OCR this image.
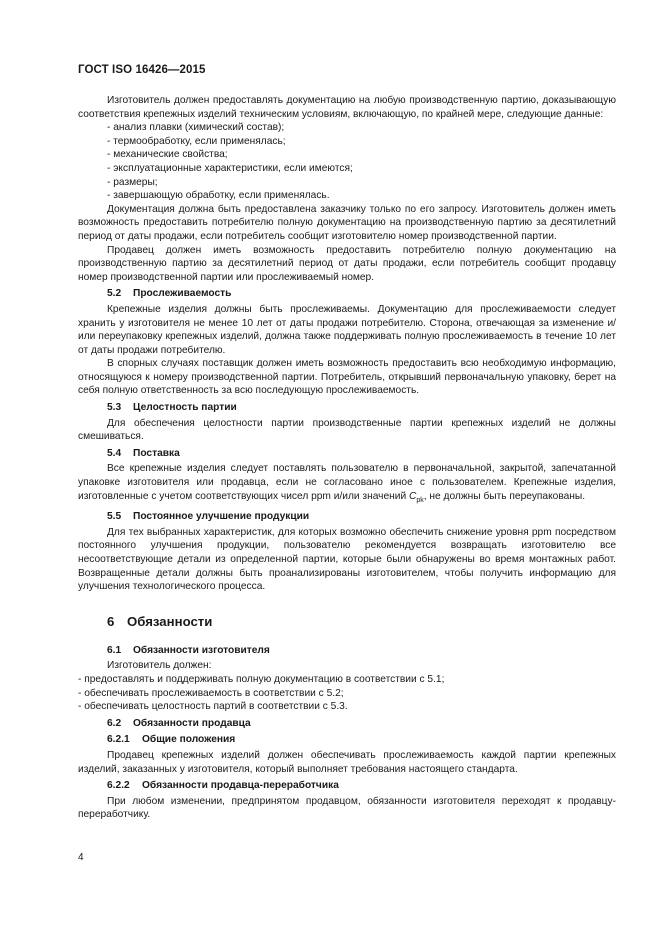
ГОСТ ISO 16426—2015

Изготовитель должен предоставлять документацию на любую производственную партию, доказывающую соответствия крепежных изделий техническим условиям, включающую, по крайней мере, следующие данные:

- анализ плавки (химический состав);

- термообработку, если применялась;

- механические свойства;

- эксплуатационные характеристики, если имеются;

- размеры;

- завершающую обработку, если применялась.

Документация должна быть предоставлена заказчику только по его запросу. Изготовитель должен иметь возможность предоставить потребителю полную документацию на производственную партию за десятилетний период от даты продажи, если потребитель сообщит изготовителю номер производственной партии.

Продавец должен иметь возможность предоставить потребителю полную документацию на производственную партию за десятилетний период от даты продажи, если потребитель сообщит продавцу номер производственной партии или прослеживаемый номер.

5.2 Прослеживаемость

Крепежные изделия должны быть прослеживаемы. Документацию для прослеживаемости следует хранить у изготовителя не менее 10 лет от даты продажи потребителю. Сторона, отвечающая за изменение и/или переупаковку крепежных изделий, должна также поддерживать полную прослеживаемость в течение 10 лет от даты продажи потребителю.

В спорных случаях поставщик должен иметь возможность предоставить всю необходимую информацию, относящуюся к номеру производственной партии. Потребитель, открывший первоначальную упаковку, берет на себя полную ответственность за всю последующую прослеживаемость.

5.3 Целостность партии

Для обеспечения целостности партии производственные партии крепежных изделий не должны смешиваться.

5.4 Поставка

Все крепежные изделия следует поставлять пользователю в первоначальной, закрытой, запечатанной упаковке изготовителя или продавца, если не согласовано иное с пользователем. Крепежные изделия, изготовленные с учетом соответствующих чисел ppm и/или значений $C_{pk}$, не должны быть переупакованы.

5.5 Постоянное улучшение продукции

Для тех выбранных характеристик, для которых возможно обеспечить снижение уровня ppm посредством постоянного улучшения продукции, пользователю рекомендуется возвращать изготовителю все несоответствующие детали из определенной партии, которые были обнаружены во время монтажных работ. Возвращенные детали должны быть проанализированы изготовителем, чтобы получить информацию для улучшения технологического процесса.

6 Обязанности

6.1 Обязанности изготовителя

Изготовитель должен:

- предоставлять и поддерживать полную документацию в соответствии с 5.1;

- обеспечивать прослеживаемость в соответствии с 5.2;

- обеспечивать целостность партий в соответствии с 5.3.

6.2 Обязанности продавца

6.2.1 Общие положения

Продавец крепежных изделий должен обеспечивать прослеживаемость каждой партии крепежных изделий, заказанных у изготовителя, который выполняет требования настоящего стандарта.

6.2.2 Обязанности продавца-переработчика

При любом изменении, предпринятом продавцом, обязанности изготовителя переходят к продавцу-переработчику.

4
